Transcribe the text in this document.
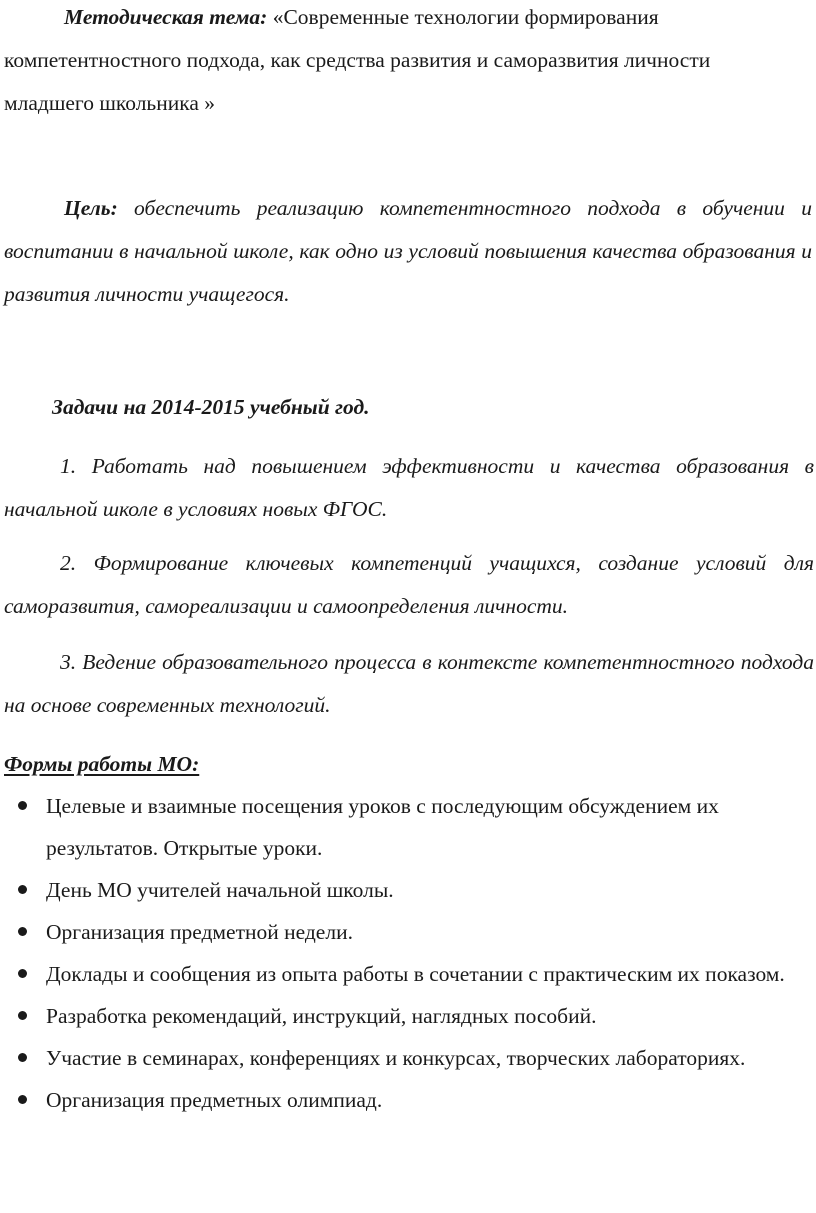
Методическая тема: «Современные технологии формирования

компетентностного подхода, как средства развития и саморазвития личности младшего школьника »

Цель: обеспечить реализацию компетентностного подхода в обучении и воспитании в начальной школе, как одно из условий повышения качества образования и развития личности учащегося.

Задачи на 2014-2015 учебный год.

1. Работать над повышением эффективности и качества образования в начальной школе в условиях новых ФГОС.

2. Формирование ключевых компетенций учащихся, создание условий для саморазвития, самореализации и самоопределения личности.

3. Ведение образовательного процесса в контексте компетентностного подхода на основе современных технологий.

Формы работы МО:

Целевые и взаимные посещения уроков с последующим обсуждением их результатов. Открытые уроки.
День МО учителей начальной школы.
Организация предметной недели.
Доклады и сообщения из опыта работы в сочетании с практическим их показом.
Разработка рекомендаций, инструкций, наглядных пособий.
Участие в семинарах, конференциях и конкурсах, творческих лабораториях.
Организация предметных олимпиад.
